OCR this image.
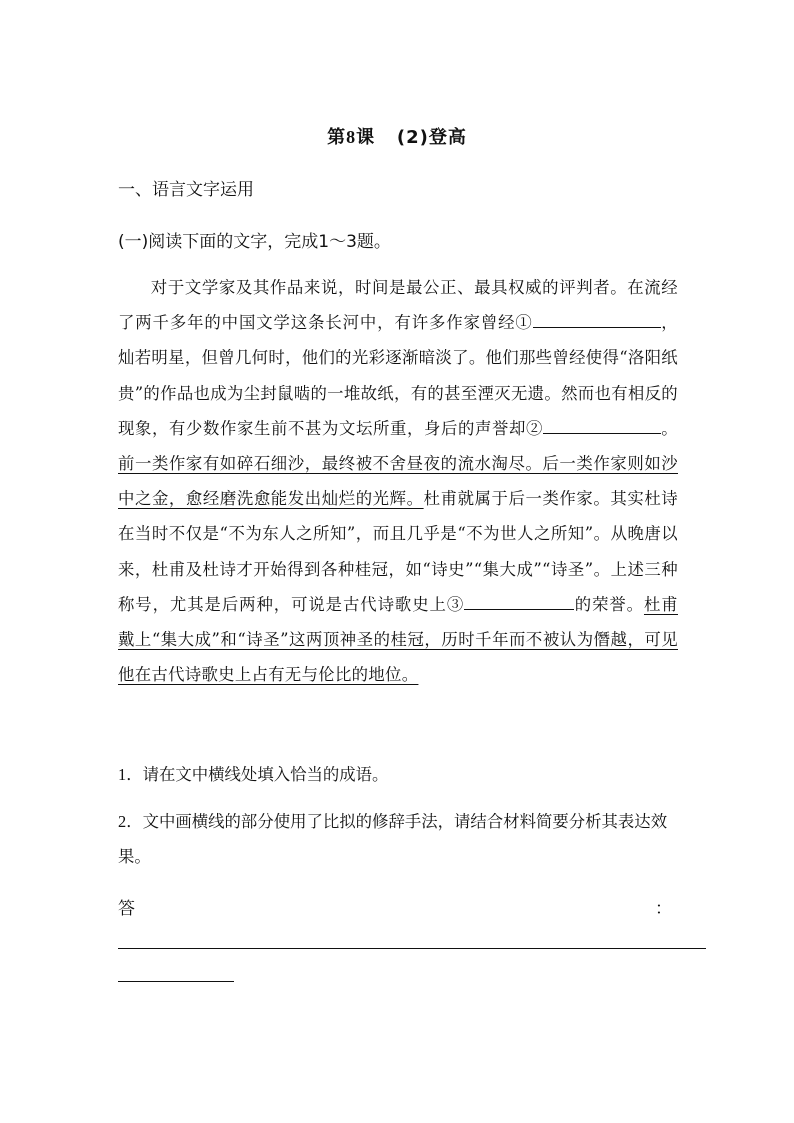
第8课 (2)登高
一、语言文字运用
(一)阅读下面的文字，完成1～3题。

对于文学家及其作品来说，时间是最公正、最具权威的评判者。在流经了两千多年的中国文学这条长河中，有许多作家曾经①	，灿若明星，但曾几何时，他们的光彩逐渐暗淡了。他们那些曾经使得“洛阳纸贵”的作品也成为尘封鼠啮的一堆故纸，有的甚至湮灭无遗。然而也有相反的现象，有少数作家生前不甚为文坛所重，身后的声誉却②	。前一类作家有如碎石细沙，最终被不舍昼夜的流水淘尽。后一类作家则如沙中之金，愈经磨洗愈能发出灿烂的光辉。杜甫就属于后一类作家。其实杜诗在当时不仅是“不为东人之所知”，而且几乎是“不为世人之所知”。从晚唐以来，杜甫及杜诗才开始得到各种桂冠，如“诗史”“集大成”“诗圣”。上述三种称号，尤其是后两种，可说是古代诗歌史上③	的荣誉。杜甫戴上“集大成”和“诗圣”这两顶神圣的桂冠，历时千年而不被认为僭越，可见他在古代诗歌史上占有无与伦比的地位。

1．请在文中横线处填入恰当的成语。

2．文中画横线的部分使用了比拟的修辞手法，请结合材料简要分析其表达效果。

答	：
